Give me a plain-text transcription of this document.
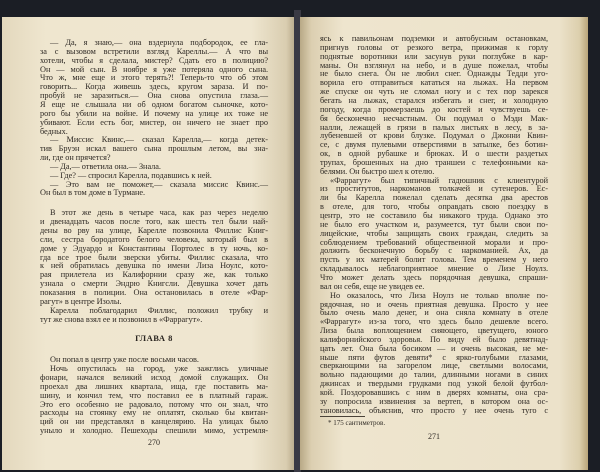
— Да, я знаю,— она вздернула подбородок, ее гла-
за с вызовом встретили взгляд Кареллы.— А что вы
хотели, чтобы я сделала, мистер? Сдать его в полицию?
Он — мой сын. В ноябре я уже потеряла одного сына.
Что ж, мне еще и этого терять?! Теперь-то что об этом
говорить... Когда живешь здесь, кругом зараза. И по-
пробуй не заразиться.— Она снова опустила глаза.—
Я еще не слышала ни об одном богатом сыночке, кото-
рого бы убили на войне. И почему на улице их тоже не
убивают. Если есть бог, мистер, он ничего не знает про
бедных.
— Миссис Квинс,— сказал Карелла,— когда детек-
тив Бруэн искал вашего сына прошлым летом, вы зна-
ли, где он прячется?
— Да,— ответила она.— Знала.
— Где? — спросил Карелла, подавшись к ней.
— Это вам не поможет,— сказала миссис Квинс.—
Он был в том доме в Турмане.
В этот же день в четыре часа, как раз через неделю
и двенадцать часов после того, как шесть тел были най-
дены во рву на улице, Карелле позвонила Филлис Книг-
сли, сестра бородатого белого человека, который был в
доме у Эдуардо и Константины Портолес в ту ночь, ко-
гда все трое были зверски убиты. Филлис сказала, что
к ней обратилась девушка по имени Лиза Ноулс, кото-
рая прилетела из Калифорнии сразу же, как только
узнала о смерти Эндрю Книгсли. Девушка хочет дать
показания в полиции. Она остановилась в отеле «Фар-
рагут» в центре Изолы.
Карелла поблагодарил Филлис, положил трубку и
тут же снова взял ее и позвонил в «Фаррагут».
ГЛАВА 8
Он попал в центр уже после восьми часов.
Ночь опустилась на город, уже зажглись уличные
фонари, начался великий исход домой служащих. Он
проехал два лишних квартала, ища, где поставить ма-
шину, и кончил тем, что поставил ее в платный гараж.
Это его особенно не радовало, потому что он знал, что
расходы на стоянку ему не оплатят, сколько бы квитан-
ций он ни представлял в канцелярию. На улицах было
уныло и холодно. Пешеходы спешили мимо, устремля-
270
ясь к павильонам подземки и автобусным остановкам,
пригнув головы от резкого ветра, прижимая к горлу
поднятые воротники или засунув руки поглубже в кар-
маны. Он взглянул на небо, и в душе пожелал, чтобы
не было снега. Он не любил снег. Однажды Тедди уго-
ворила его отправиться кататься на лыжах. На первом
же спуске он чуть не сломал ногу и с тех пор зарекся
бегать на лыжах, старался избегать и снег, и холодную
погоду, когда промерзаешь до костей и чувствуешь се-
бя бесконечно несчастным. Он подумал о Мэди Мак-
налли, лежащей в грязи в палых листьях в лесу, в за-
лубеневшей от крови блузке. Подумал о Джонни Квин-
се, с двумя пулевыми отверстиями в затылке, без ботин-
ок, в одной рубашке и брюках. И о шести раздетых
трупах, брошенных на дно траншеи с телефонными ка-
белями. Он быстро шел к отелю.
«Фаррагут» был типичный гадюшник с клиентурой
из проститутов, наркоманов толкачей и сутенеров. Ес-
ли бы Карелла пожелал сделать десятка два арестов
в отеле, для того, чтобы оправдать свою поездку в
центр, это не составило бы никакого труда. Однако это
не было его участком и, разумеется, тут были свои по-
лицейские, чтобы защищать своих граждан, следить за
соблюдением требований общественной морали и про-
должить бесконечную борьбу с наркоманией. Ах, да
пусть у их матерей болит голова. Тем временем у него
складывалось неблагоприятное мнение о Лизе Ноулз.
Что может делать здесь порядочная девушка, спраши-
вал он себя, еще не увидев ее.
Но оказалось, что Лиза Ноулз не только вполне по-
рядочная, но и очень приятная девушка. Просто у нее
было очень мало денег, и она сняла комнату в отеле
«Фаррагут» из-за того, что здесь было дешевле всего.
Лиза была воплощением сияющего, цветущего, юного
калифорнийского здоровья. По виду ей было девятнад-
цать лет. Она была босиком — и очень высокая, не ме-
ньше пяти футов девяти* с ярко-голубыми глазами,
сверкающими на загорелом лице, светлыми волосами,
вольно падающими до талии, длинными ногами в синих
джинсах и твердыми грудками под узкой белой футбол-
кой. Поздоровавшись с ним в дверях комнаты, она сра-
зу попросила извинения за вертеп, в котором она ос-
тановилась, объяснив, что просто у нее очень туго с
* 175 сантиметров.
271
